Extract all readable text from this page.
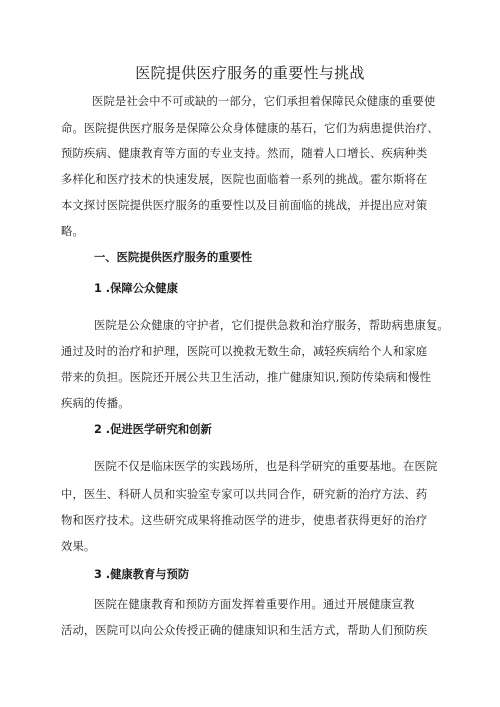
医院提供医疗服务的重要性与挑战
医院是社会中不可或缺的一部分，它们承担着保障民众健康的重要使
命。医院提供医疗服务是保障公众身体健康的基石，它们为病患提供治疗、
预防疾病、健康教育等方面的专业支持。然而，随着人口增长、疾病种类
多样化和医疗技术的快速发展，医院也面临着一系列的挑战。霍尔斯将在
本文探讨医院提供医疗服务的重要性以及目前面临的挑战，并提出应对策
略。
一、医院提供医疗服务的重要性
1 .保障公众健康
医院是公众健康的守护者，它们提供急救和治疗服务，帮助病患康复。
通过及时的治疗和护理，医院可以挽救无数生命，减轻疾病给个人和家庭
带来的负担。医院还开展公共卫生活动，推广健康知识,预防传染病和慢性
疾病的传播。
2 .促进医学研究和创新
医院不仅是临床医学的实践场所，也是科学研究的重要基地。在医院
中，医生、科研人员和实验室专家可以共同合作，研究新的治疗方法、药
物和医疗技术。这些研究成果将推动医学的进步，使患者获得更好的治疗
效果。
3 .健康教育与预防
医院在健康教育和预防方面发挥着重要作用。通过开展健康宣教
活动，医院可以向公众传授正确的健康知识和生活方式，帮助人们预防疾
